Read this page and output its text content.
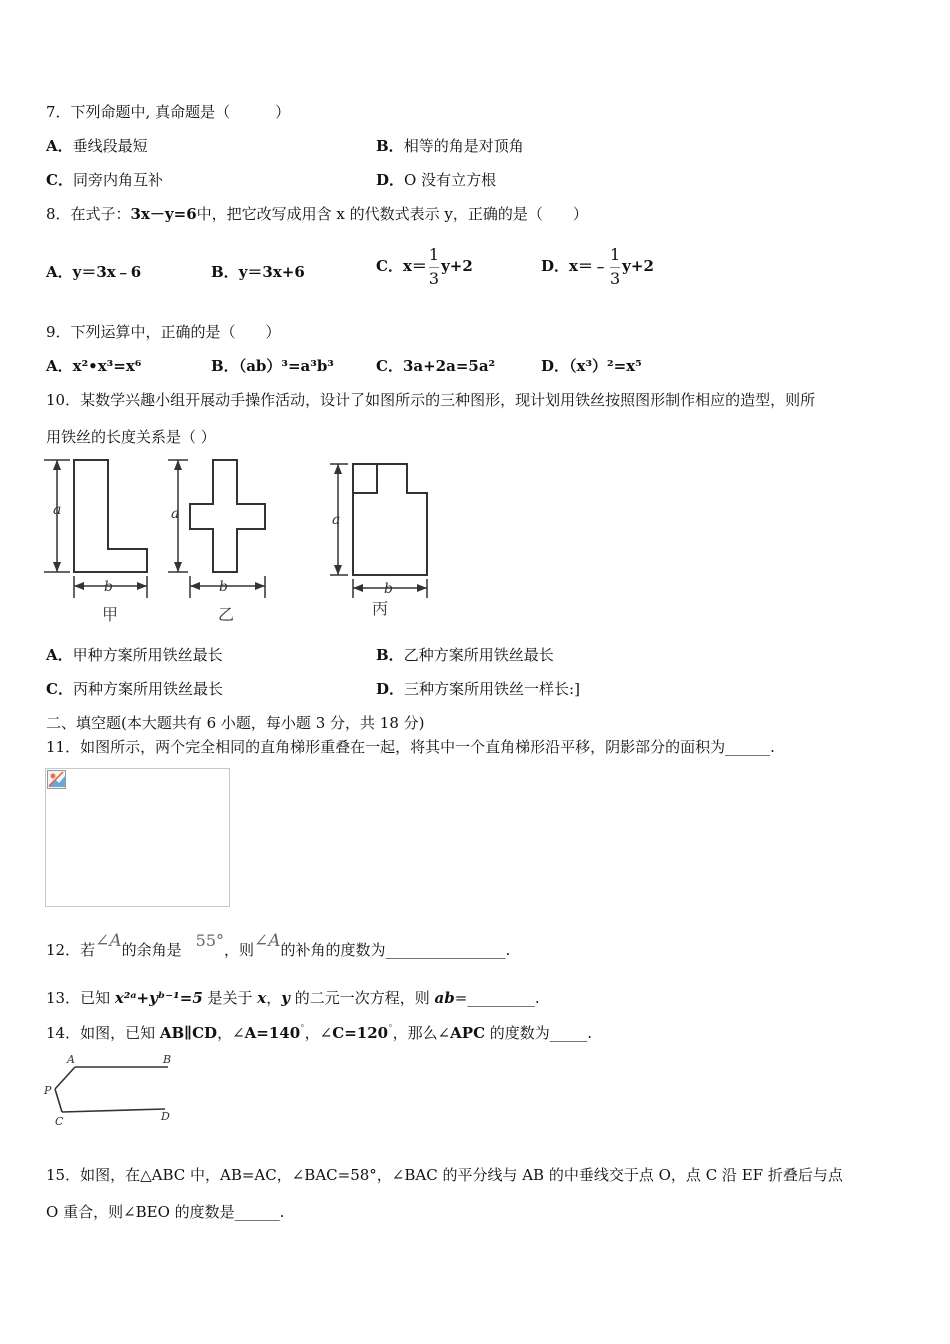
7．下列命题中, 真命题是（　　　）
A．垂线段最短	B．相等的角是对顶角
C．同旁内角互补	D．O 没有立方根
8．在式子：3x－y=6中，把它改写成用含 x 的代数式表示 y，正确的是（　　）
A．y＝3x﹣6	B．y＝3x+6	C．$x= \frac{1}{3} y+2$	D．x＝﹣ $\frac{1}{3} y+2$
9．下列运算中，正确的是（　　）
A．x²•x³=x⁶	B．（ab）³=a³b³	C．3a+2a=5a²	D．（x³）²=x⁵
10．某数学兴趣小组开展动手操作活动，设计了如图所示的三种图形，现计划用铁丝按照图形制作相应的造型，则所
用铁丝的长度关系是（ ）
a	a	a
b	b	b
甲	乙	丙
A．甲种方案所用铁丝最长	B．乙种方案所用铁丝最长
C．丙种方案所用铁丝最长	D．三种方案所用铁丝一样长:]
二、填空题(本大题共有 6 小题，每小题 3 分，共 18 分)
11．如图所示，两个完全相同的直角梯形重叠在一起，将其中一个直角梯形沿平移，阴影部分的面积为______.
12．若∠A的余角是 55°，则∠A的补角的度数为________________.
13．已知 x²ᵃ+yᵇ⁻¹=5 是关于 x，y 的二元一次方程，则 ab=_________.
14．如图，已知 AB∥CD，∠A=140°，∠C=120°，那么∠APC 的度数为_____.
A	B
P
C	D
15．如图，在△ABC 中，AB=AC，∠BAC=58°，∠BAC 的平分线与 AB 的中垂线交于点 O，点 C 沿 EF 折叠后与点
O 重合，则∠BEO 的度数是______.
